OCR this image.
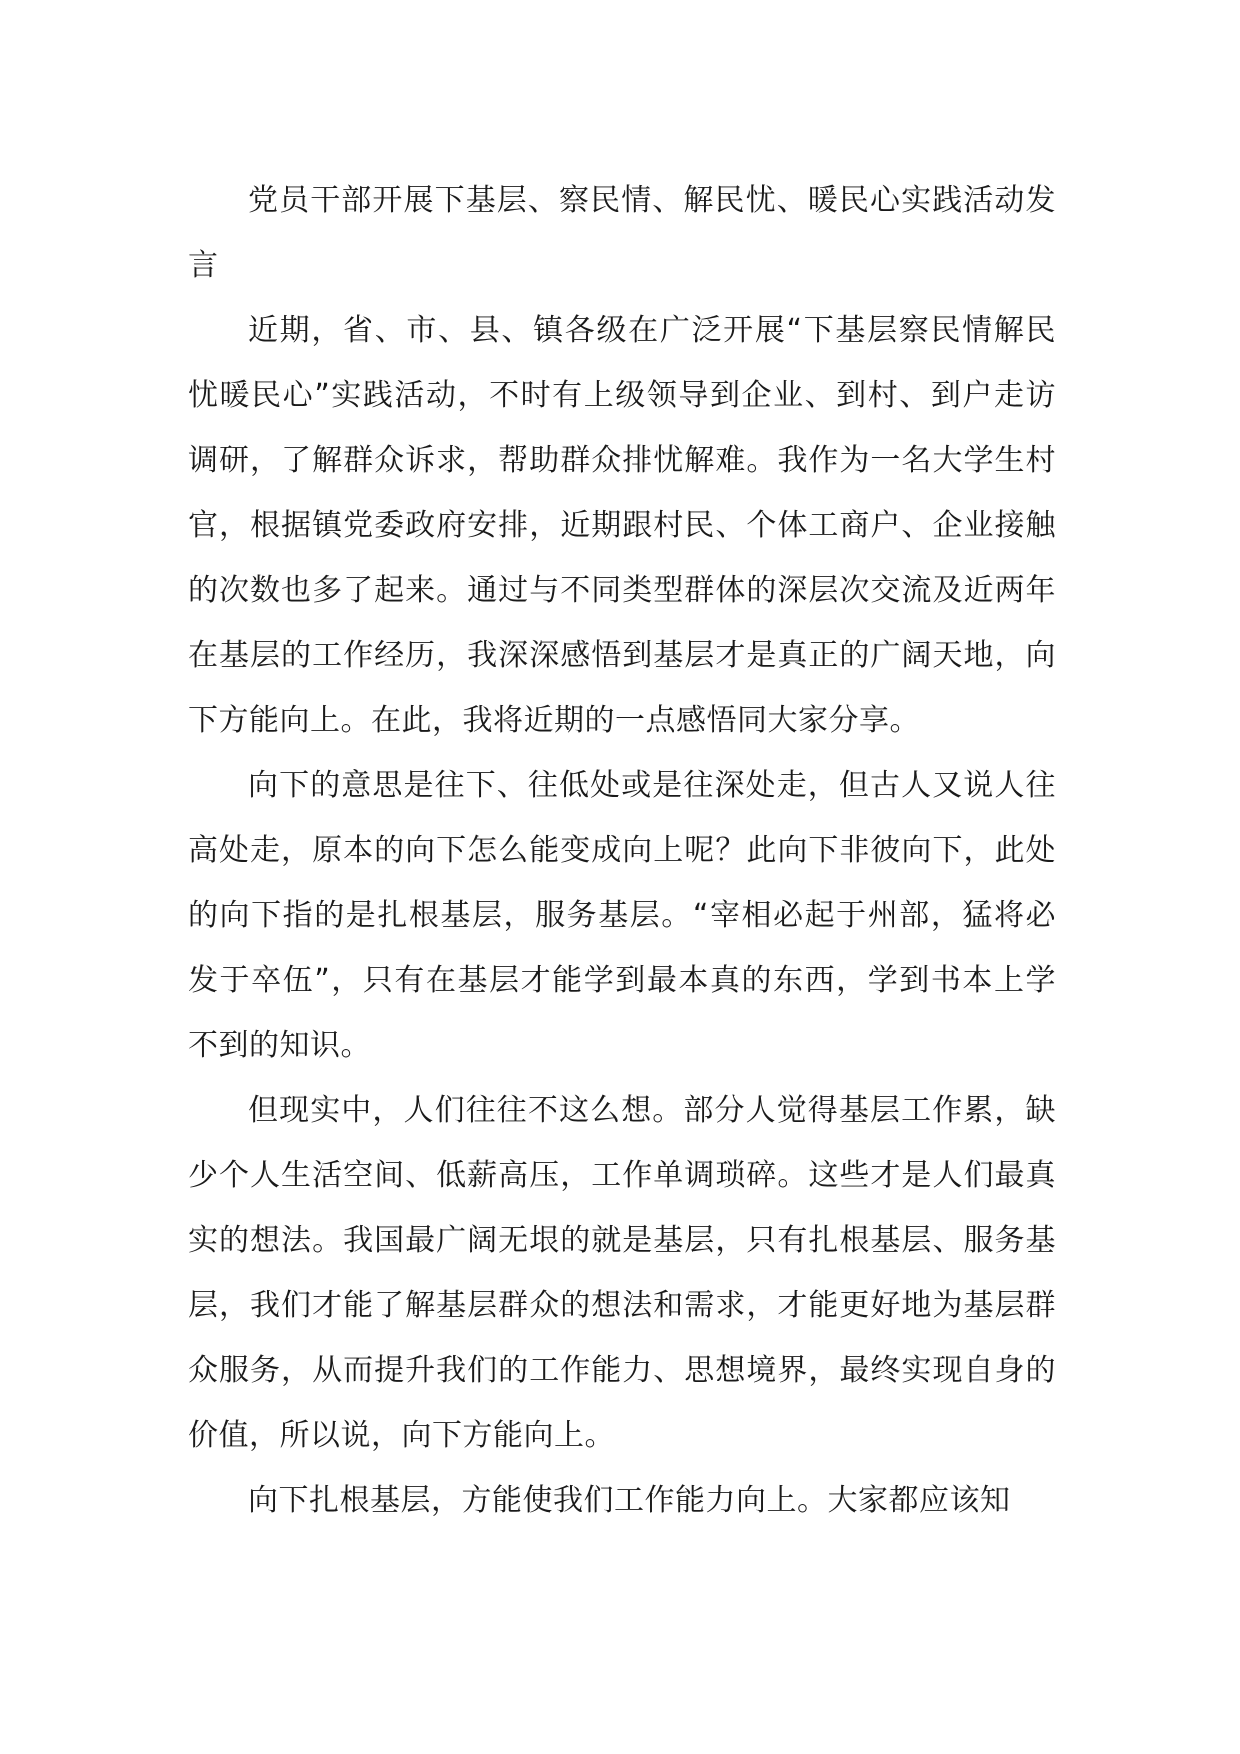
党员干部开展下基层、察民情、解民忧、暖民心实践活动发言

近期，省、市、县、镇各级在广泛开展“下基层察民情解民忧暖民心”实践活动，不时有上级领导到企业、到村、到户走访调研，了解群众诉求，帮助群众排忧解难。我作为一名大学生村官，根据镇党委政府安排，近期跟村民、个体工商户、企业接触的次数也多了起来。通过与不同类型群体的深层次交流及近两年在基层的工作经历，我深深感悟到基层才是真正的广阔天地，向下方能向上。在此，我将近期的一点感悟同大家分享。

向下的意思是往下、往低处或是往深处走，但古人又说人往高处走，原本的向下怎么能变成向上呢？此向下非彼向下，此处的向下指的是扎根基层，服务基层。“宰相必起于州部，猛将必发于卒伍”，只有在基层才能学到最本真的东西，学到书本上学不到的知识。

但现实中，人们往往不这么想。部分人觉得基层工作累，缺少个人生活空间、低薪高压，工作单调琐碎。这些才是人们最真实的想法。我国最广阔无垠的就是基层，只有扎根基层、服务基层，我们才能了解基层群众的想法和需求，才能更好地为基层群众服务，从而提升我们的工作能力、思想境界，最终实现自身的价值，所以说，向下方能向上。

向下扎根基层，方能使我们工作能力向上。大家都应该知
